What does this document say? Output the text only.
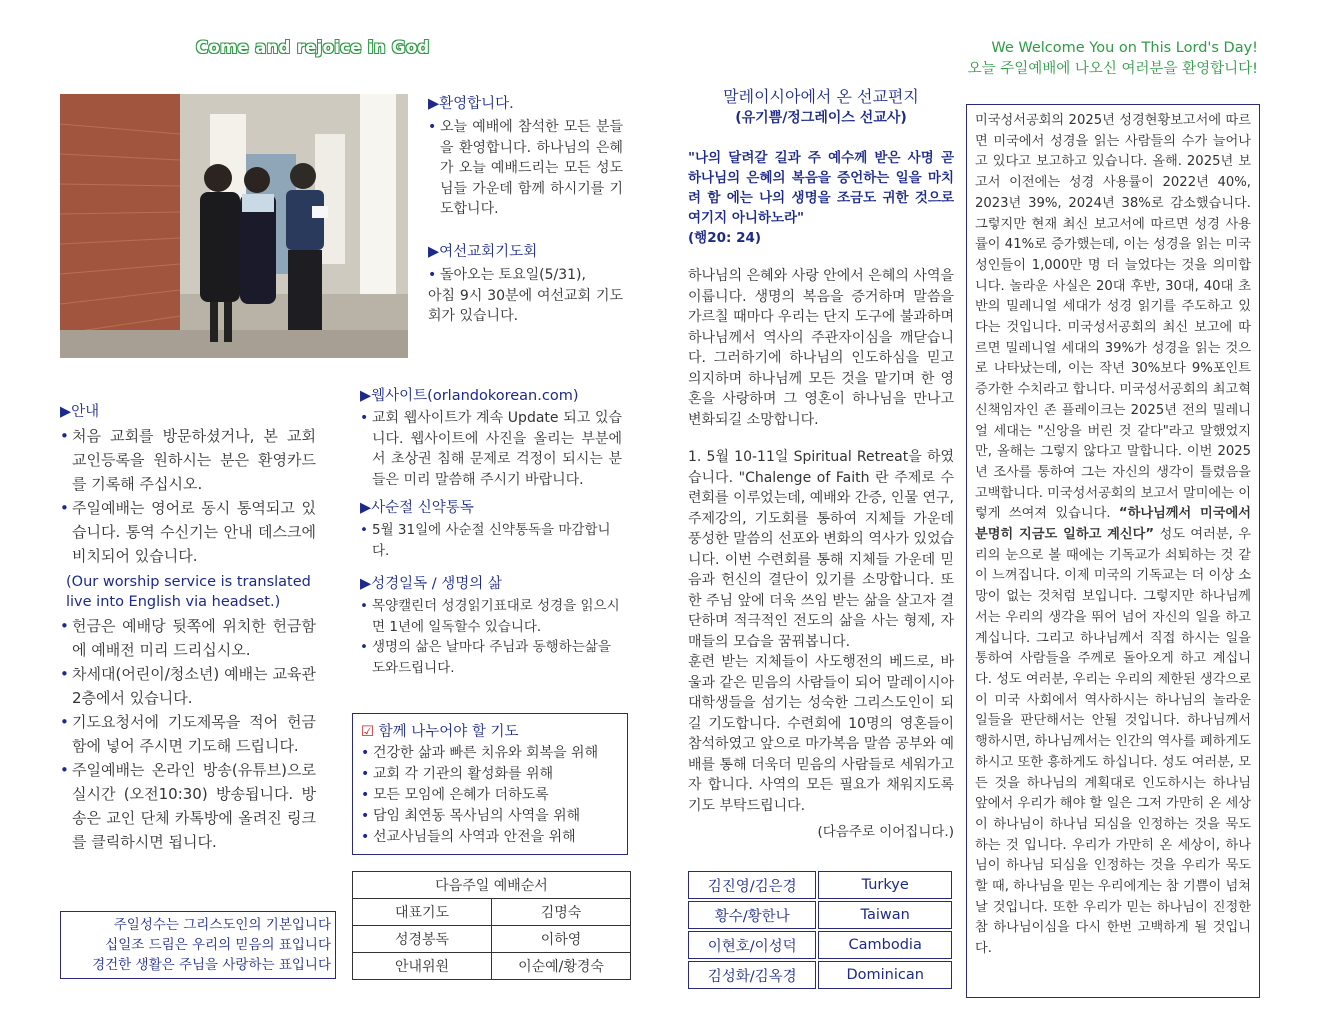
Come and rejoice in God	We Welcome You on This Lord's Day!
오늘 주일예배에 나오신 여러분을 환영합니다!
▶환영합니다.
• 오늘 예배에 참석한 모든 분들을 환영합니다. 하나님의 은혜가 오늘 예배드리는 모든 성도님들 가운데 함께 하시기를 기도합니다.
▶여선교회기도회
• 돌아오는 토요일(5/31),
아침 9시 30분에 여선교회 기도회가 있습니다.
▶안내
• 처음 교회를 방문하셨거나, 본 교회 교인등록을 원하시는 분은 환영카드를 기록해 주십시오.
• 주일예배는 영어로 동시 통역되고 있습니다. 통역 수신기는 안내 데스크에 비치되어 있습니다.
(Our worship service is translated live into English via headset.)
• 헌금은 예배당 뒷쪽에 위치한 헌금함에 예배전 미리 드리십시오.
• 차세대(어린이/청소년) 예배는 교육관 2층에서 있습니다.
• 기도요청서에 기도제목을 적어 헌금함에 넣어 주시면 기도해 드립니다.
• 주일예배는 온라인 방송(유튜브)으로 실시간 (오전10:30) 방송됩니다. 방송은 교인 단체 카톡방에 올려진 링크를 클릭하시면 됩니다.
▶웹사이트(orlandokorean.com)
• 교회 웹사이트가 계속 Update 되고 있습니다. 웹사이트에 사진을 올리는 부분에서 초상권 침해 문제로 걱정이 되시는 분들은 미리 말씀해 주시기 바랍니다.
▶사순절 신약통독
• 5월 31일에 사순절 신약통독을 마감합니다.
▶성경일독 / 생명의 삶
• 목양캘린더 성경읽기표대로 성경을 읽으시면 1년에 일독할수 있습니다.
• 생명의 삶은 날마다 주님과 동행하는삶을 도와드립니다.
☑ 함께 나누어야 할 기도
• 건강한 삶과 빠른 치유와 회복을 위해
• 교회 각 기관의 활성화를 위해
• 모든 모임에 은혜가 더하도록
• 담임 최연동 목사님의 사역을 위해
• 선교사님들의 사역과 안전을 위해
다음주일 예배순서	
대표기도	김명숙
성경봉독	이하영
안내위원	이순예/황경숙
주일성수는 그리스도인의 기본입니다
십일조 드림은 우리의 믿음의 표입니다
경건한 생활은 주님을 사랑하는 표입니다
말레이시아에서 온 선교편지
(유기쁨/정그레이스 선교사)
"나의 달려갈 길과 주 예수께 받은 사명 곧 하나님의 은혜의 복음을 증언하는 일을 마치려 함 에는 나의 생명을 조금도 귀한 것으로 여기지 아니하노라"
(행20: 24)
하나님의 은혜와 사랑 안에서 은혜의 사역을 이룹니다. 생명의 복음을 증거하며 말씀을 가르칠 때마다 우리는 단지 도구에 불과하며 하나님께서 역사의 주관자이심을 깨닫습니다. 그러하기에 하나님의 인도하심을 믿고 의지하며 하나님께 모든 것을 맡기며 한 영혼을 사랑하며 그 영혼이 하나님을 만나고 변화되길 소망합니다.
1. 5월 10-11일 Spiritual Retreat을 하였습니다. "Chalenge of Faith 란 주제로 수련회를 이루었는데, 예배와 간증, 인물 연구, 주제강의, 기도회를 통하여 지체들 가운데 풍성한 말씀의 선포와 변화의 역사가 있었습니다. 이번 수련회를 통해 지체들 가운데 믿음과 헌신의 결단이 있기를 소망합니다. 또한 주님 앞에 더욱 쓰임 받는 삶을 살고자 결단하며 적극적인 전도의 삶을 사는 형제, 자매들의 모습을 꿈꿔봅니다.
훈련 받는 지체들이 사도행전의 베드로, 바울과 같은 믿음의 사람들이 되어 말레이시아 대학생들을 섬기는 성숙한 그리스도인이 되길 기도합니다. 수련회에 10명의 영혼들이 참석하였고 앞으로 마가복음 말씀 공부와 예배를 통해 더욱더 믿음의 사람들로 세워가고자 합니다. 사역의 모든 필요가 채워지도록 기도 부탁드립니다.
(다음주로 이어집니다.)
김진영/김은경	Turkye
황수/황한나	Taiwan
이현호/이성덕	Cambodia
김성화/김옥경	Dominican
미국성서공회의 2025년 성경현황보고서에 따르면 미국에서 성경을 읽는 사람들의 수가 늘어나고 있다고 보고하고 있습니다. 올해. 2025년 보고서 이전에는 성경 사용률이 2022년 40%, 2023년 39%, 2024년 38%로 감소했습니다. 그렇지만 현재 최신 보고서에 따르면 성경 사용률이 41%로 증가했는데, 이는 성경을 읽는 미국 성인들이 1,000만 명 더 늘었다는 것을 의미합니다. 놀라운 사실은 20대 후반, 30대, 40대 초반의 밀레니얼 세대가 성경 읽기를 주도하고 있다는 것입니다. 미국성서공회의 최신 보고에 따르면 밀레니얼 세대의 39%가 성경을 읽는 것으로 나타났는데, 이는 작년 30%보다 9%포인트 증가한 수치라고 합니다. 미국성서공회의 최고혁신책임자인 존 플레이크는 2025년 전의 밀레니얼 세대는 "신앙을 버린 것 같다"라고 말했었지만, 올해는 그렇지 않다고 말합니다. 이번 2025년 조사를 통하여 그는 자신의 생각이 틀렸음을 고백합니다. 미국성서공회의 보고서 말미에는 이렇게 쓰여져 있습니다. “하나님께서 미국에서 분명히 지금도 일하고 계신다” 성도 여러분, 우리의 눈으로 볼 때에는 기독교가 쇠퇴하는 것 같이 느껴집니다. 이제 미국의 기독교는 더 이상 소망이 없는 것처럼 보입니다. 그렇지만 하나님께서는 우리의 생각을 뛰어 넘어 자신의 일을 하고 계십니다. 그리고 하나님께서 직접 하시는 일을 통하여 사람들을 주께로 돌아오게 하고 계십니다. 성도 여러분, 우리는 우리의 제한된 생각으로 이 미국 사회에서 역사하시는 하나님의 놀라운 일들을 판단해서는 안될 것입니다. 하나님께서 행하시면, 하나님께서는 인간의 역사를 폐하게도 하시고 또한 흥하게도 하십니다. 성도 여러분, 모든 것을 하나님의 계획대로 인도하시는 하나님 앞에서 우리가 해야 할 일은 그저 가만히 온 세상이 하나님이 하나님 되심을 인정하는 것을 묵도하는 것 입니다. 우리가 가만히 온 세상이, 하나님이 하나님 되심을 인정하는 것을 우리가 묵도할 때, 하나님을 믿는 우리에게는 참 기쁨이 넘쳐날 것입니다. 또한 우리가 믿는 하나님이 진정한 참 하나님이심을 다시 한번 고백하게 될 것입니다.
